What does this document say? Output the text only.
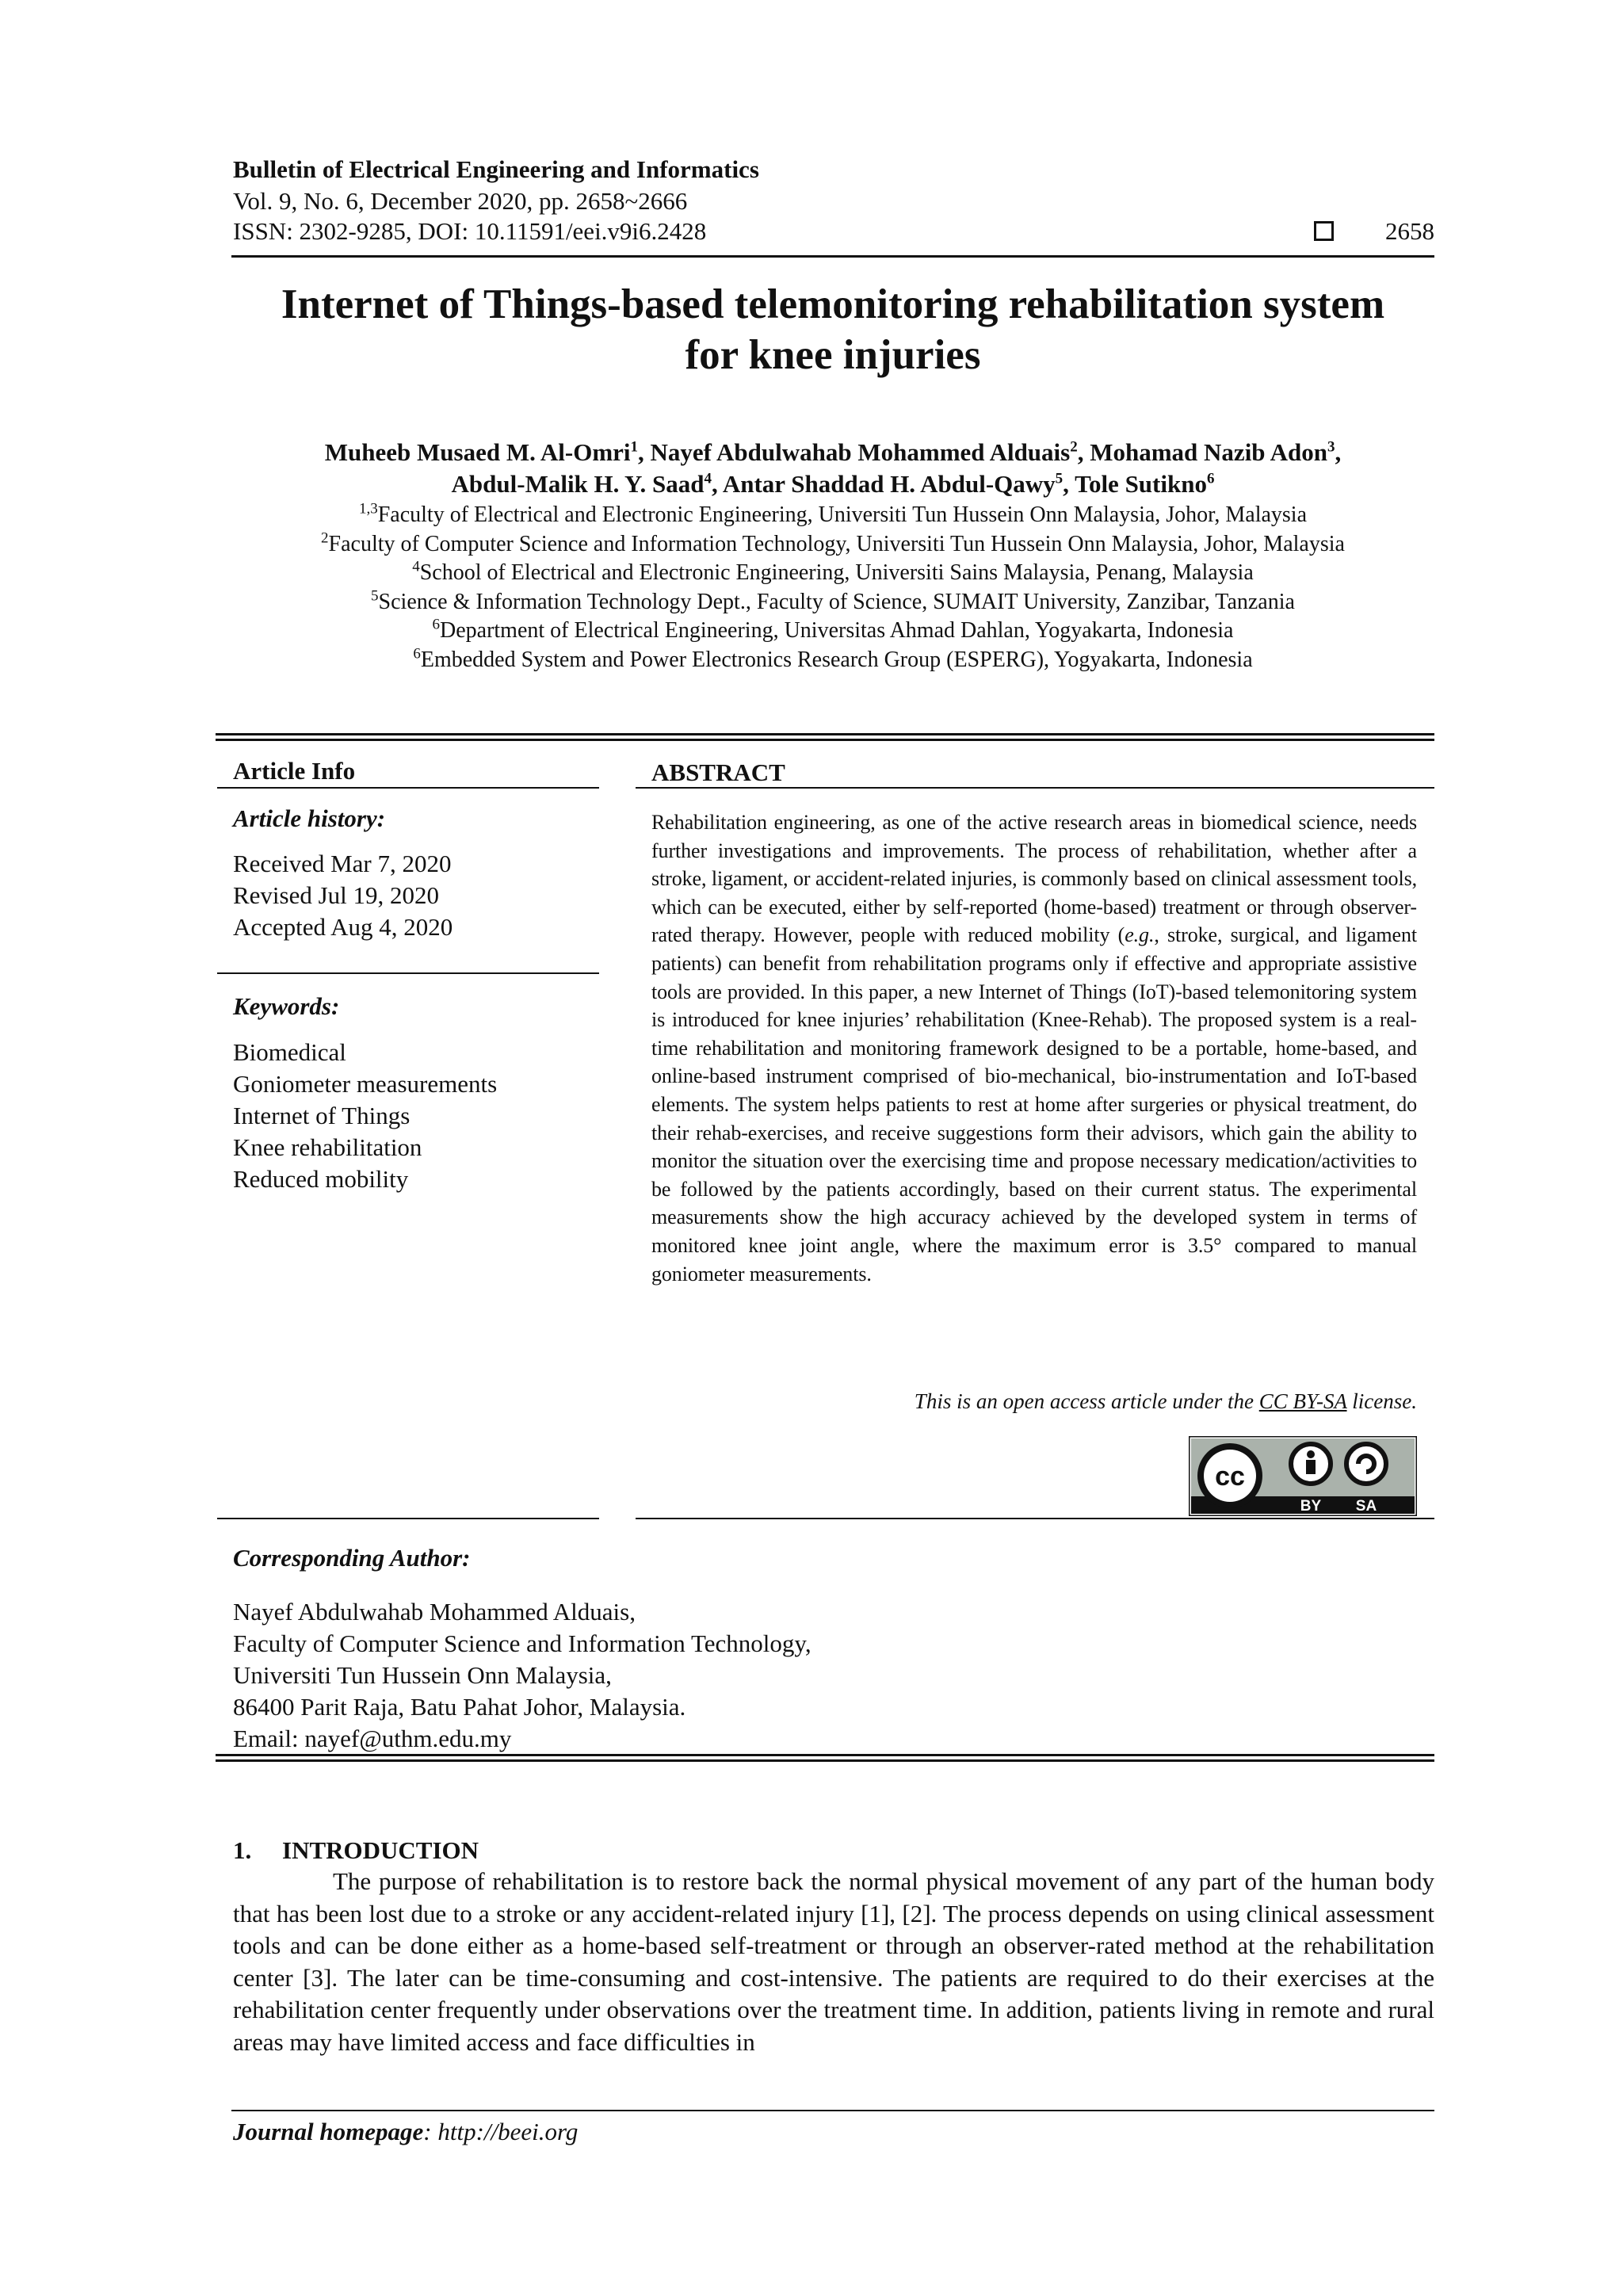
Bulletin of Electrical Engineering and Informatics
Vol. 9, No. 6, December 2020, pp. 2658~2666
ISSN: 2302-9285, DOI: 10.11591/eei.v9i6.2428	2658
Internet of Things-based telemonitoring rehabilitation system
for knee injuries
Muheeb Musaed M. Al-Omri$^1$, Nayef Abdulwahab Mohammed Alduais$^2$, Mohamad Nazib Adon$^3$,
Abdul-Malik H. Y. Saad$^4$, Antar Shaddad H. Abdul-Qawy$^5$, Tole Sutikno$^6$
$^{1,3}$Faculty of Electrical and Electronic Engineering, Universiti Tun Hussein Onn Malaysia, Johor, Malaysia
$^2$Faculty of Computer Science and Information Technology, Universiti Tun Hussein Onn Malaysia, Johor, Malaysia
$^4$School of Electrical and Electronic Engineering, Universiti Sains Malaysia, Penang, Malaysia
$^5$Science & Information Technology Dept., Faculty of Science, SUMAIT University, Zanzibar, Tanzania
$^6$Department of Electrical Engineering, Universitas Ahmad Dahlan, Yogyakarta, Indonesia
$^6$Embedded System and Power Electronics Research Group (ESPERG), Yogyakarta, Indonesia
Article Info
Article history:
Received Mar 7, 2020
Revised Jul 19, 2020
Accepted Aug 4, 2020
Keywords:
Biomedical
Goniometer measurements
Internet of Things
Knee rehabilitation
Reduced mobility
ABSTRACT
Rehabilitation engineering, as one of the active research areas in biomedical science, needs further investigations and improvements. The process of rehabilitation, whether after a stroke, ligament, or accident-related injuries, is commonly based on clinical assessment tools, which can be executed, either by self-reported (home-based) treatment or through observer-rated therapy. However, people with reduced mobility (e.g., stroke, surgical, and ligament patients) can benefit from rehabilitation programs only if effective and appropriate assistive tools are provided. In this paper, a new Internet of Things (IoT)-based telemonitoring system is introduced for knee injuries’ rehabilitation (Knee-Rehab). The proposed system is a real-time rehabilitation and monitoring framework designed to be a portable, home-based, and online-based instrument comprised of bio-mechanical, bio-instrumentation and IoT-based elements. The system helps patients to rest at home after surgeries or physical treatment, do their rehab-exercises, and receive suggestions form their advisors, which gain the ability to monitor the situation over the exercising time and propose necessary medication/activities to be followed by the patients accordingly, based on their current status. The experimental measurements show the high accuracy achieved by the developed system in terms of monitored knee joint angle, where the maximum error is 3.5° compared to manual goniometer measurements.
This is an open access article under the CC BY-SA license.
cc
BY SA
Corresponding Author:
Nayef Abdulwahab Mohammed Alduais,
Faculty of Computer Science and Information Technology,
Universiti Tun Hussein Onn Malaysia,
86400 Parit Raja, Batu Pahat Johor, Malaysia.
Email: nayef@uthm.edu.my
1.     INTRODUCTION

The purpose of rehabilitation is to restore back the normal physical movement of any part of the human body that has been lost due to a stroke or any accident-related injury [1], [2]. The process depends on using clinical assessment tools and can be done either as a home-based self-treatment or through an observer-rated method at the rehabilitation center [3]. The later can be time-consuming and cost-intensive. The patients are required to do their exercises at the rehabilitation center frequently under observations over the treatment time. In addition, patients living in remote and rural areas may have limited access and face difficulties in

Journal homepage: http://beei.org
